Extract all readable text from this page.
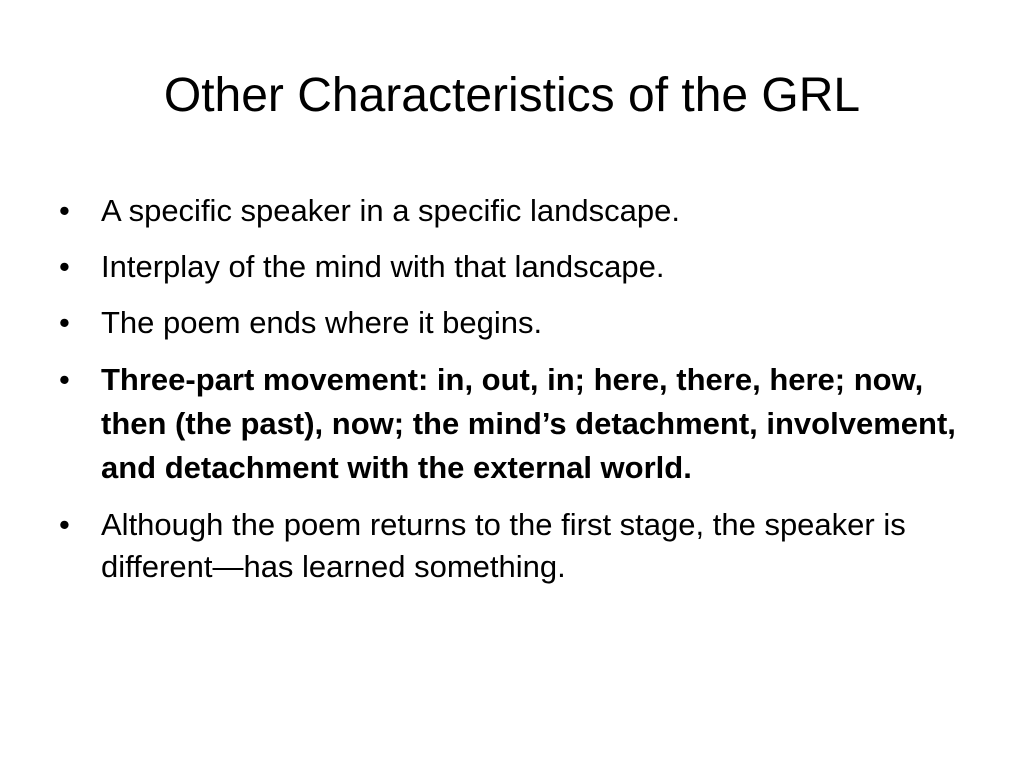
Other Characteristics of the GRL
• A specific speaker in a specific landscape.
• Interplay of the mind with that landscape.
• The poem ends where it begins.
• Three-part movement: in, out, in; here, there, here; now, then (the past), now; the mind’s detachment, involvement, and detachment with the external world.
• Although the poem returns to the first stage, the speaker is different—has learned something.
